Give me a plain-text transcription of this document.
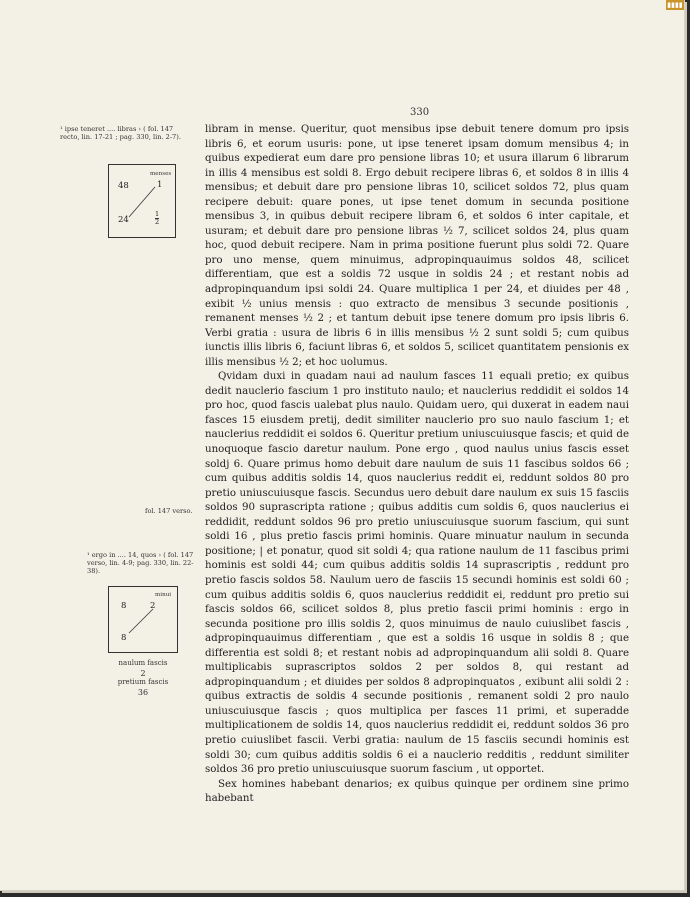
▮▮▮▮
330
¹ ipse teneret .... libras › ( fol. 147 recto, lin. 17-21 ; pag. 330, lin. 2-7).
menses
48	1
24	$\frac{1}{2}$
fol. 147 verso.
¹ ergo in .... 14, quos › ( fol. 147 verso, lin. 4-9; pag. 330, lin. 22-38).
minui
8	2
8
naulum fascis
2
pretium fascis
36

libram in mense. Queritur, quot mensibus ipse debuit tenere domum pro ipsis libris 6, et eorum usuris: pone, ut ipse teneret ipsam domum mensibus 4; in quibus expedierat eum dare pro pensione libras 10; et usura illarum 6 librarum in illis 4 mensibus est soldi 8. Ergo debuit recipere libras 6, et soldos 8 in illis 4 mensibus; et debuit dare pro pensione libras 10, scilicet soldos 72, plus quam recipere debuit: quare pones, ut ipse tenet domum in secunda positione mensibus 3, in quibus debuit recipere libram 6, et soldos 6 inter capitale, et usuram; et debuit dare pro pensione libras ½ 7, scilicet soldos 24, plus quam hoc, quod debuit recipere. Nam in prima positione fuerunt plus soldi 72. Quare pro uno mense, quem minuimus, adpropinquauimus soldos 48, scilicet differentiam, que est a soldis 72 usque in soldis 24 ; et restant nobis ad adpropinquandum ipsi soldi 24. Quare multiplica 1 per 24, et diuides per 48 , exibit ½ unius mensis : quo extracto de mensibus 3 secunde positionis , remanent menses ½ 2 ; et tantum debuit ipse tenere domum pro ipsis libris 6. Verbi gratia : usura de libris 6 in illis mensibus ½ 2 sunt soldi 5; cum quibus iunctis illis libris 6, faciunt libras 6, et soldos 5, scilicet quantitatem pensionis ex illis mensibus ½ 2; et hoc uolumus.

Qvidam duxi in quadam naui ad naulum fasces 11 equali pretio; ex quibus dedit nauclerio fascium 1 pro instituto naulo; et nauclerius reddidit ei soldos 14 pro hoc, quod fascis ualebat plus naulo. Quidam uero, qui duxerat in eadem naui fasces 15 eiusdem pretij, dedit similiter nauclerio pro suo naulo fascium 1; et nauclerius reddidit ei soldos 6. Queritur pretium uniuscuiusque fascis; et quid de unoquoque fascio daretur naulum. Pone ergo , quod naulus unius fascis esset soldj 6. Quare primus homo debuit dare naulum de suis 11 fascibus soldos 66 ; cum quibus additis soldis 14, quos nauclerius reddit ei, reddunt soldos 80 pro pretio uniuscuiusque fascis. Secundus uero debuit dare naulum ex suis 15 fasciis soldos 90 suprascripta ratione ; quibus additis cum soldis 6, quos nauclerius ei reddidit, reddunt soldos 96 pro pretio uniuscuiusque suorum fascium, qui sunt soldi 16 , plus pretio fascis primi hominis. Quare minuatur naulum in secunda positione; | et ponatur, quod sit soldi 4; qua ratione naulum de 11 fascibus primi hominis est soldi 44; cum quibus additis soldis 14 suprascriptis , reddunt pro pretio fascis soldos 58. Naulum uero de fasciis 15 secundi hominis est soldi 60 ; cum quibus additis soldis 6, quos nauclerius reddidit ei, reddunt pro pretio sui fascis soldos 66, scilicet soldos 8, plus pretio fascii primi hominis : ergo in secunda positione pro illis soldis 2, quos minuimus de naulo cuiuslibet fascis , adpropinquauimus differentiam , que est a soldis 16 usque in soldis 8 ; que differentia est soldi 8; et restant nobis ad adpropinquandum alii soldi 8. Quare multiplicabis suprascriptos soldos 2 per soldos 8, qui restant ad adpropinquandum ; et diuides per soldos 8 adpropinquatos , exibunt alii soldi 2 : quibus extractis de soldis 4 secunde positionis , remanent soldi 2 pro naulo uniuscuiusque fascis ; quos multiplica per fasces 11 primi, et superadde multiplicationem de soldis 14, quos nauclerius reddidit ei, reddunt soldos 36 pro pretio cuiuslibet fascii. Verbi gratia: naulum de 15 fasciis secundi hominis est soldi 30; cum quibus additis soldis 6 ei a nauclerio redditis , reddunt similiter soldos 36 pro pretio uniuscuiusque suorum fascium , ut opportet.

Sex homines habebant denarios; ex quibus quinque per ordinem sine primo habebant
